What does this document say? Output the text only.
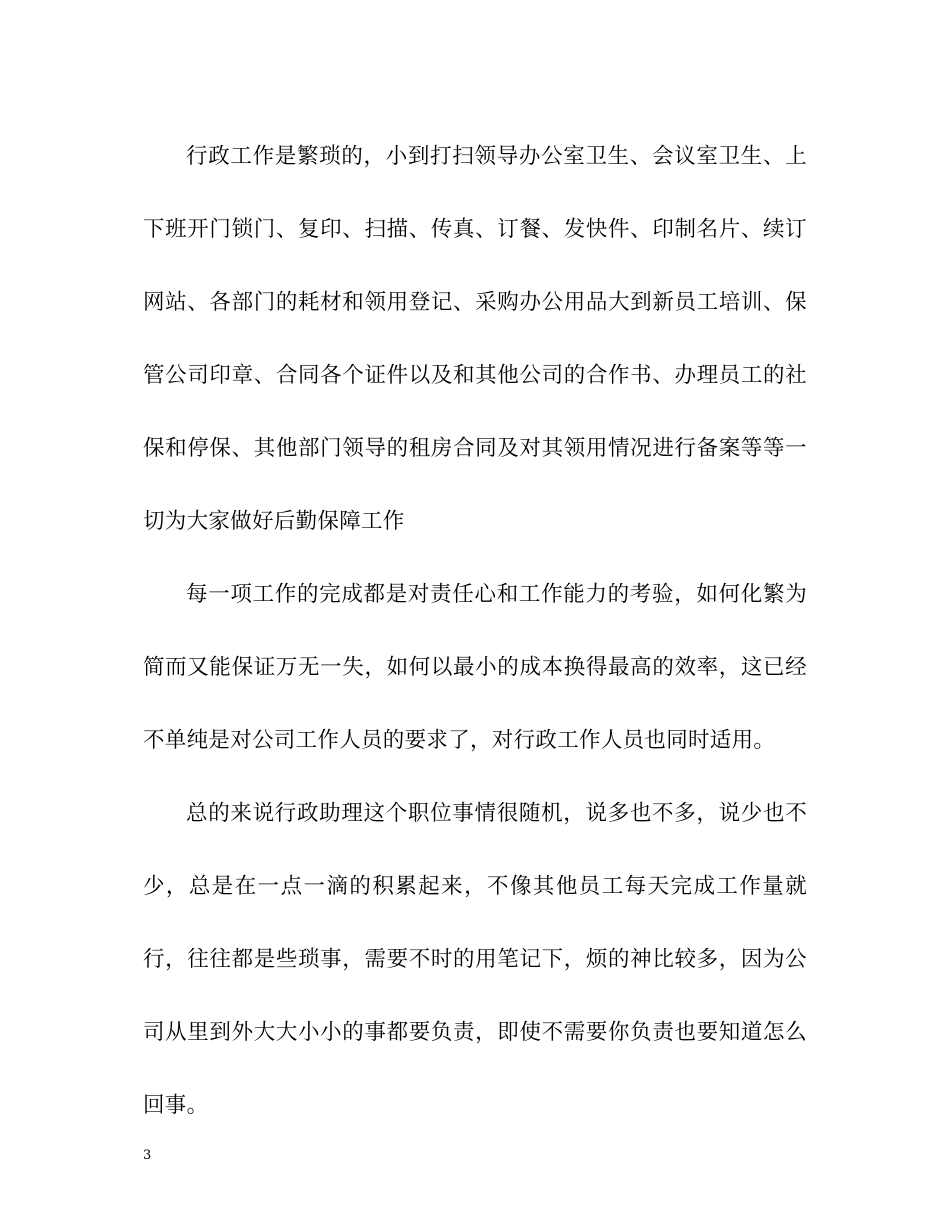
行政工作是繁琐的，小到打扫领导办公室卫生、会议室卫生、上下班开门锁门、复印、扫描、传真、订餐、发快件、印制名片、续订网站、各部门的耗材和领用登记、采购办公用品大到新员工培训、保管公司印章、合同各个证件以及和其他公司的合作书、办理员工的社保和停保、其他部门领导的租房合同及对其领用情况进行备案等等一切为大家做好后勤保障工作

每一项工作的完成都是对责任心和工作能力的考验，如何化繁为简而又能保证万无一失，如何以最小的成本换得最高的效率，这已经不单纯是对公司工作人员的要求了，对行政工作人员也同时适用。

总的来说行政助理这个职位事情很随机，说多也不多，说少也不少，总是在一点一滴的积累起来，不像其他员工每天完成工作量就行，往往都是些琐事，需要不时的用笔记下，烦的神比较多，因为公司从里到外大大小小的事都要负责，即使不需要你负责也要知道怎么回事。

3
